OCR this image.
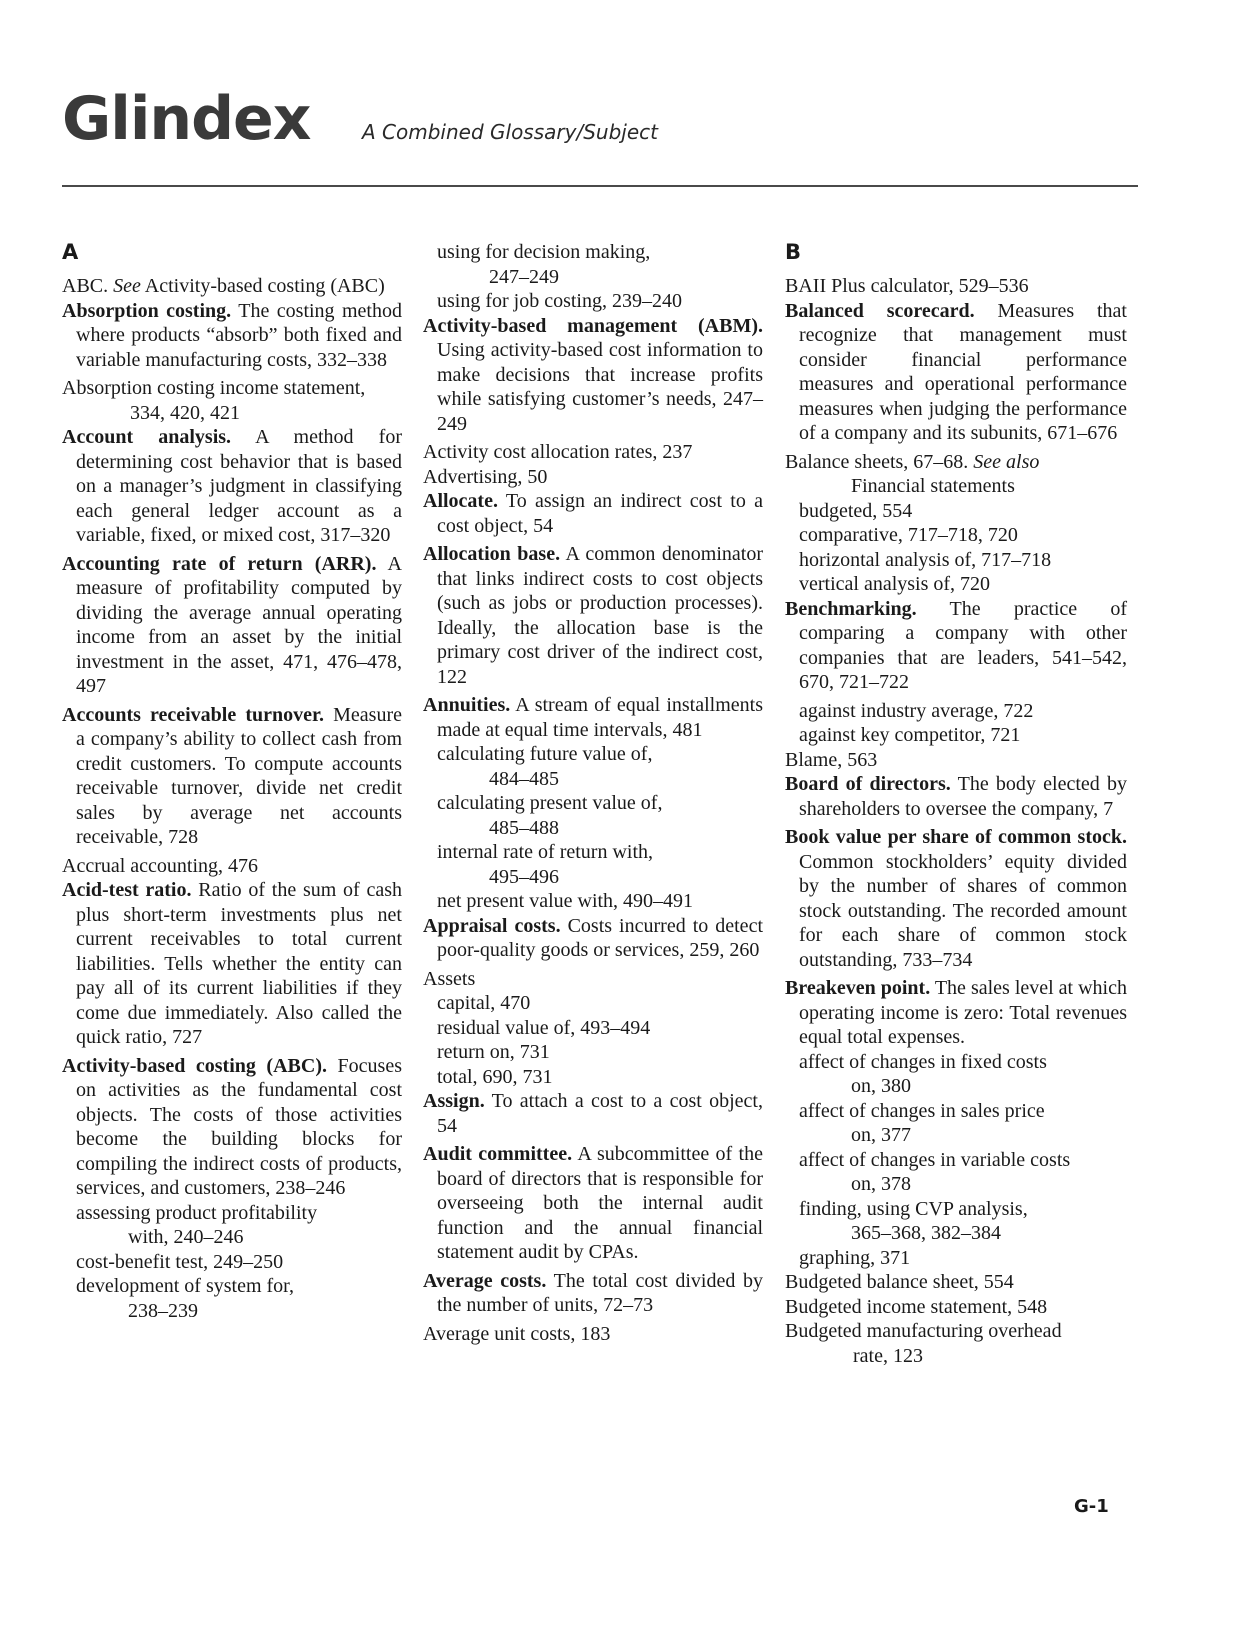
Glindex	A Combined Glossary/Subject
A
ABC. See Activity-based costing (ABC)
Absorption costing. The costing method where products “absorb” both fixed and variable manufacturing costs, 332–338
Absorption costing income statement,
334, 420, 421
Account analysis. A method for determining cost behavior that is based on a manager’s judgment in classifying each general ledger account as a variable, fixed, or mixed cost, 317–320
Accounting rate of return (ARR). A measure of profitability computed by dividing the average annual operating income from an asset by the initial investment in the asset, 471, 476–478, 497
Accounts receivable turnover. Measure a company’s ability to collect cash from credit customers. To compute accounts receivable turnover, divide net credit sales by average net accounts receivable, 728
Accrual accounting, 476
Acid-test ratio. Ratio of the sum of cash plus short-term investments plus net current receivables to total current liabilities. Tells whether the entity can pay all of its current liabilities if they come due immediately. Also called the quick ratio, 727
Activity-based costing (ABC). Focuses on activities as the fundamental cost objects. The costs of those activities become the building blocks for compiling the indirect costs of products, services, and customers, 238–246
assessing product profitability
with, 240–246
cost-benefit test, 249–250
development of system for,
238–239
using for decision making,
247–249
using for job costing, 239–240
Activity-based management (ABM). Using activity-based cost information to make decisions that increase profits while satisfying customer’s needs, 247–249
Activity cost allocation rates, 237
Advertising, 50
Allocate. To assign an indirect cost to a cost object, 54
Allocation base. A common denominator that links indirect costs to cost objects (such as jobs or production processes). Ideally, the allocation base is the primary cost driver of the indirect cost, 122
Annuities. A stream of equal installments made at equal time intervals, 481
calculating future value of,
484–485
calculating present value of,
485–488
internal rate of return with,
495–496
net present value with, 490–491
Appraisal costs. Costs incurred to detect poor-quality goods or services, 259, 260
Assets
capital, 470
residual value of, 493–494
return on, 731
total, 690, 731
Assign. To attach a cost to a cost object, 54
Audit committee. A subcommittee of the board of directors that is responsible for overseeing both the internal audit function and the annual financial statement audit by CPAs.
Average costs. The total cost divided by the number of units, 72–73
Average unit costs, 183
B
BAII Plus calculator, 529–536
Balanced scorecard. Measures that recognize that management must consider financial performance measures and operational performance measures when judging the performance of a company and its subunits, 671–676
Balance sheets, 67–68. See also
Financial statements
budgeted, 554
comparative, 717–718, 720
horizontal analysis of, 717–718
vertical analysis of, 720
Benchmarking. The practice of comparing a company with other companies that are leaders, 541–542, 670, 721–722
against industry average, 722
against key competitor, 721
Blame, 563
Board of directors. The body elected by shareholders to oversee the company, 7
Book value per share of common stock. Common stockholders’ equity divided by the number of shares of common stock outstanding. The recorded amount for each share of common stock outstanding, 733–734
Breakeven point. The sales level at which operating income is zero: Total revenues equal total expenses.
affect of changes in fixed costs
on, 380
affect of changes in sales price
on, 377
affect of changes in variable costs
on, 378
finding, using CVP analysis,
365–368, 382–384
graphing, 371
Budgeted balance sheet, 554
Budgeted income statement, 548
Budgeted manufacturing overhead
rate, 123
G-1
